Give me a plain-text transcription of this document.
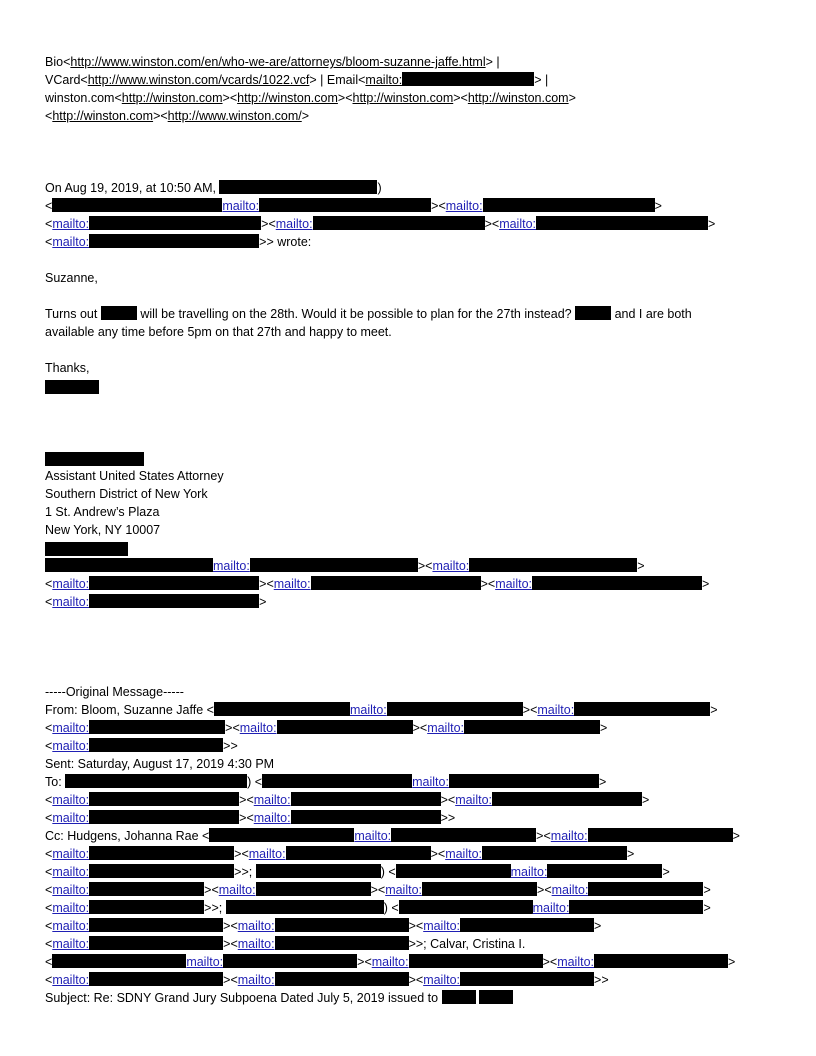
Bio<http://www.winston.com/en/who-we-are/attorneys/bloom-suzanne-jaffe.html> |
VCard<http://www.winston.com/vcards/1022.vcf> | Email<mailto:	> |
winston.com<http://winston.com><http://winston.com><http://winston.com><http://winston.com>
<http://winston.com><http://www.winston.com/>
On Aug 19, 2019, at 10:50 AM,	)
<	mailto:	><mailto:	>
<mailto:	><mailto:	><mailto:	>
<mailto:	>> wrote:
Suzanne,
Turns out	will be travelling on the 28th. Would it be possible to plan for the 27th instead?	and I are both
available any time before 5pm on that 27th and happy to meet.
Thanks,
Assistant United States Attorney
Southern District of New York
1 St. Andrew’s Plaza
New York, NY 10007
mailto:	><mailto:	>
<mailto:	><mailto:	><mailto:	>
<mailto:	>
-----Original Message-----
From: Bloom, Suzanne Jaffe <	mailto:	><mailto:	>
<mailto:	><mailto:	><mailto:	>
<mailto:	>>
Sent: Saturday, August 17, 2019 4:30 PM
To:	) <	mailto:	>
<mailto:	><mailto:	><mailto:	>
<mailto:	><mailto:	>>
Cc: Hudgens, Johanna Rae <	mailto:	><mailto:	>
<mailto:	><mailto:	><mailto:	>
<mailto:	>>;	) <	mailto:	>
<mailto:	><mailto:	><mailto:	><mailto:	>
<mailto:	>>;	) <	mailto:	>
<mailto:	><mailto:	><mailto:	>
<mailto:	><mailto:	>>; Calvar, Cristina I.
<	mailto:	><mailto:	><mailto:	>
<mailto:	><mailto:	><mailto:	>>
Subject: Re: SDNY Grand Jury Subpoena Dated July 5, 2019 issued to
